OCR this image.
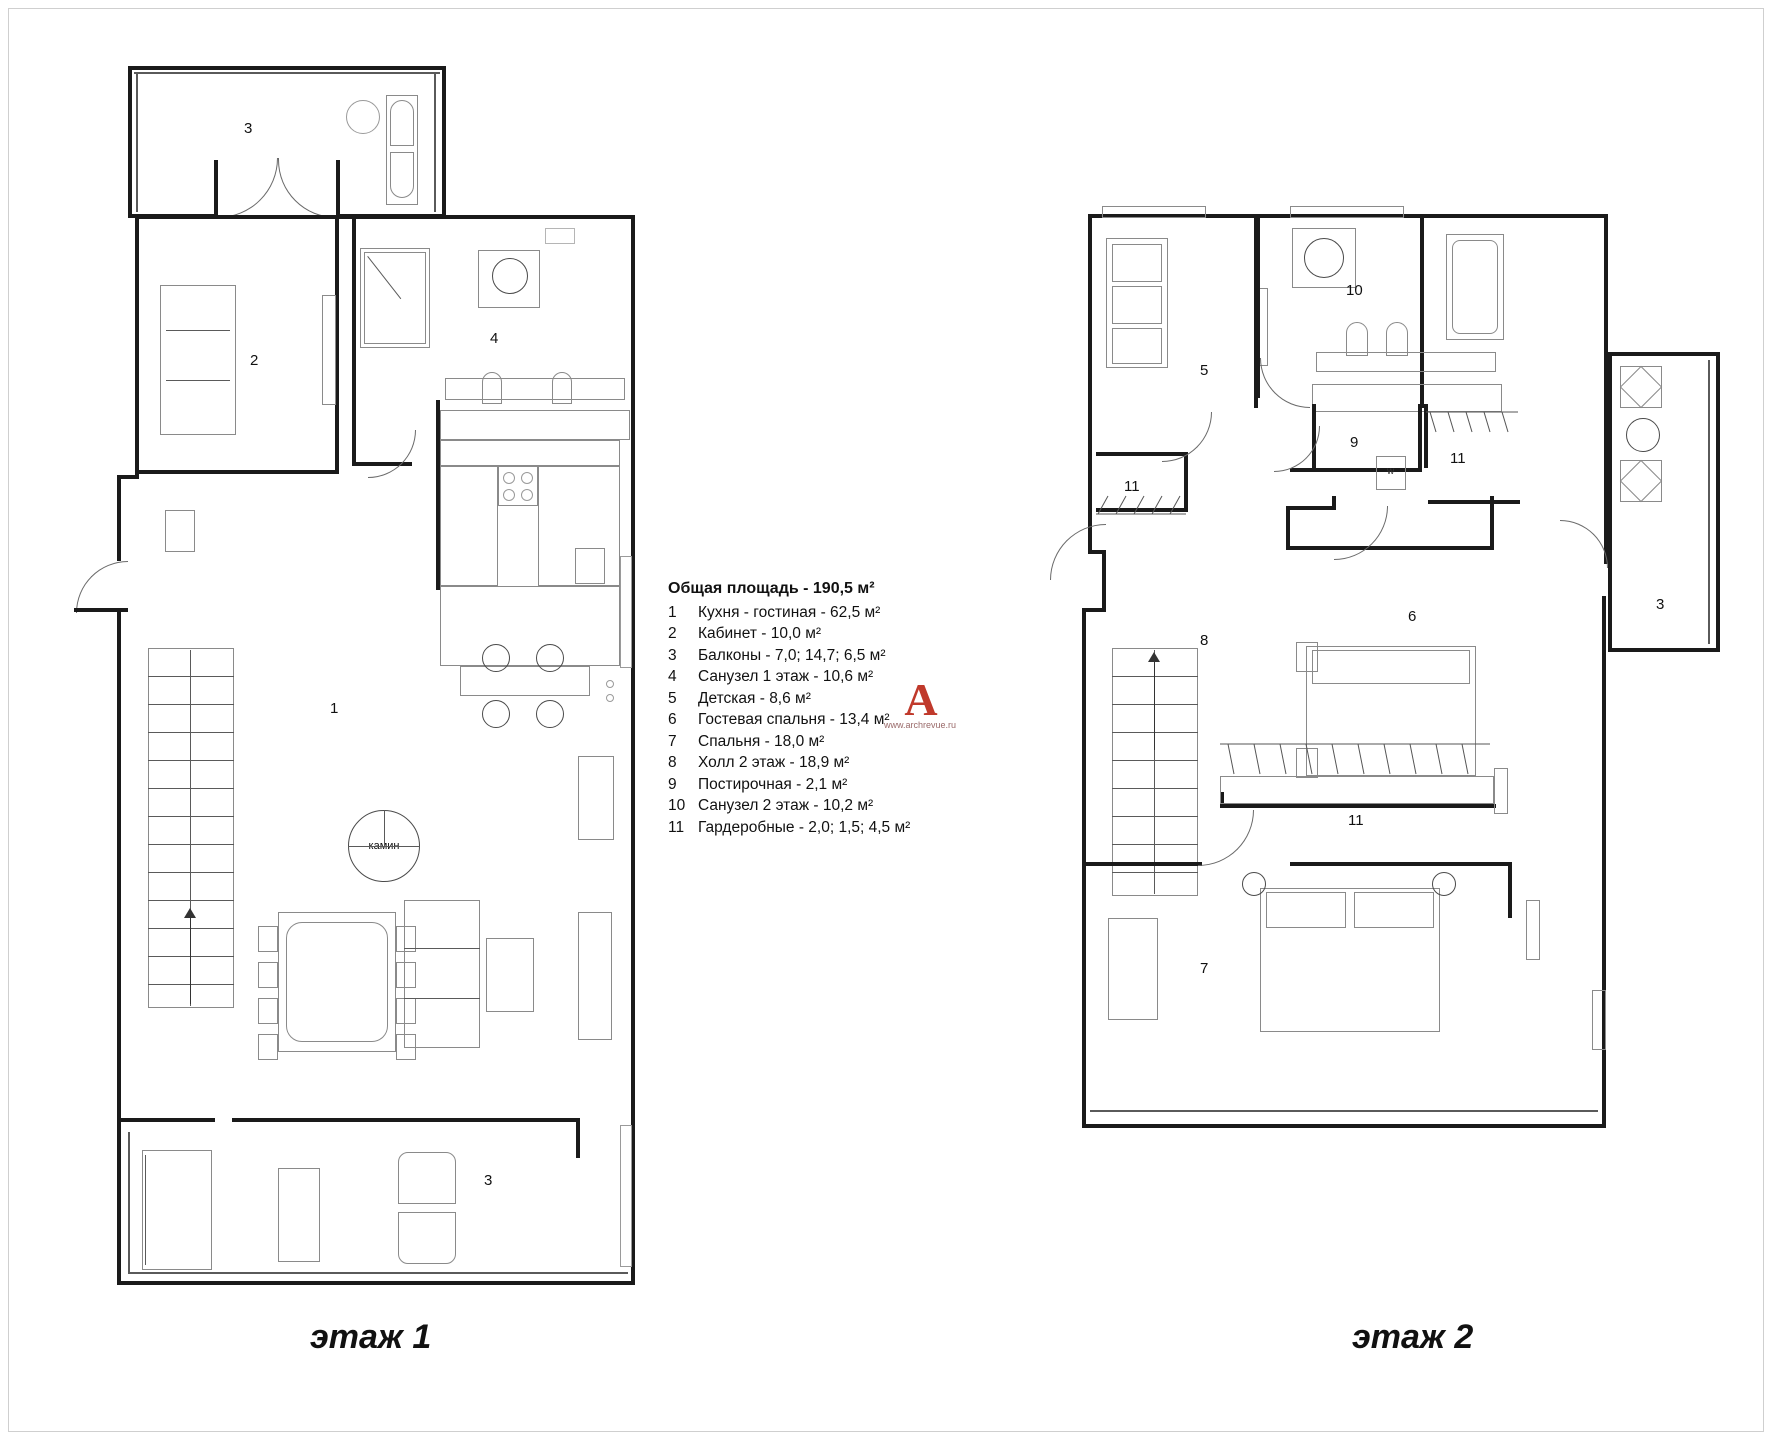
3
2
4
1
3
этаж 1
Общая площадь - 190,5 м²
1	Кухня - гостиная - 62,5 м²
2	Кабинет - 10,0 м²
3	Балконы - 7,0; 14,7; 6,5 м²
4	Санузел 1 этаж - 10,6 м²
5	Детская - 8,6 м²
6	Гостевая спальня - 13,4 м²
7	Спальня - 18,0 м²
8	Холл 2 этаж - 18,9 м²
9	Постирочная - 2,1 м²
10	Санузел 2 этаж - 10,2 м²
11	Гардеробные - 2,0; 1,5; 4,5 м²
A
www.archrevue.ru
5
11
10
9
w
11
3
6
8
11
7
этаж 2
